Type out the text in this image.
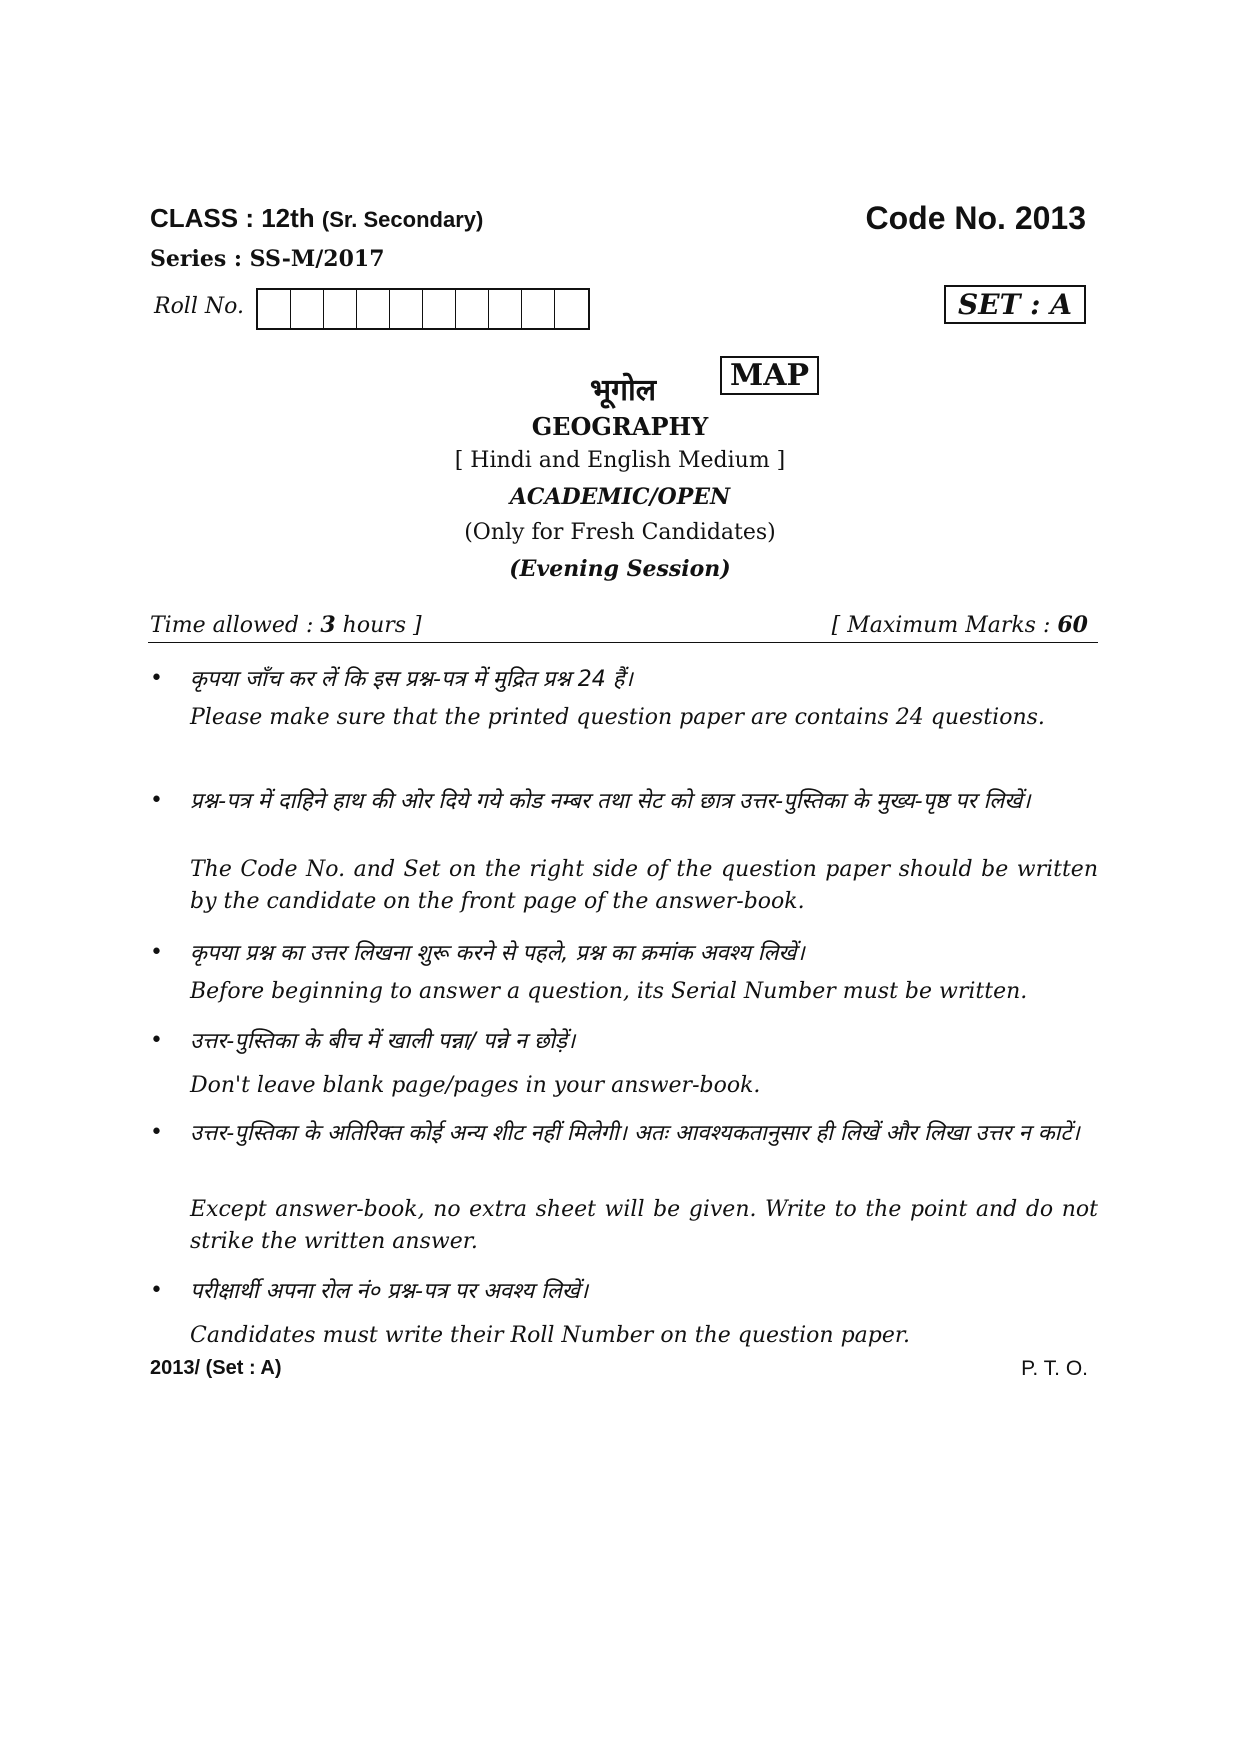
CLASS : 12th (Sr. Secondary)	Code No. 2013
Series : SS-M/2017
Roll No.	SET : A
भूगोल	MAP
GEOGRAPHY
[ Hindi and English Medium ]
ACADEMIC/OPEN
(Only for Fresh Candidates)
(Evening Session)
Time allowed : 3 hours ]	[ Maximum Marks : 60
• कृपया जाँच कर लें कि इस प्रश्न-पत्र में मुद्रित प्रश्न 24 हैं।
Please make sure that the printed question paper are contains 24 questions.
• प्रश्न-पत्र में दाहिने हाथ की ओर दिये गये कोड नम्बर तथा सेट को छात्र उत्तर-पुस्तिका के मुख्य-पृष्ठ पर लिखें।
The Code No. and Set on the right side of the question paper should be written by the candidate on the front page of the answer-book.
• कृपया प्रश्न का उत्तर लिखना शुरू करने से पहले, प्रश्न का क्रमांक अवश्य लिखें।
Before beginning to answer a question, its Serial Number must be written.
• उत्तर-पुस्तिका के बीच में खाली पन्ना/ पन्ने न छोड़ें।
Don't leave blank page/pages in your answer-book.
• उत्तर-पुस्तिका के अतिरिक्त कोई अन्य शीट नहीं मिलेगी। अतः आवश्यकतानुसार ही लिखें और लिखा उत्तर न काटें।
Except answer-book, no extra sheet will be given. Write to the point and do not strike the written answer.
• परीक्षार्थी अपना रोल नं० प्रश्न-पत्र पर अवश्य लिखें।
Candidates must write their Roll Number on the question paper.
2013/ (Set : A)	P. T. O.
